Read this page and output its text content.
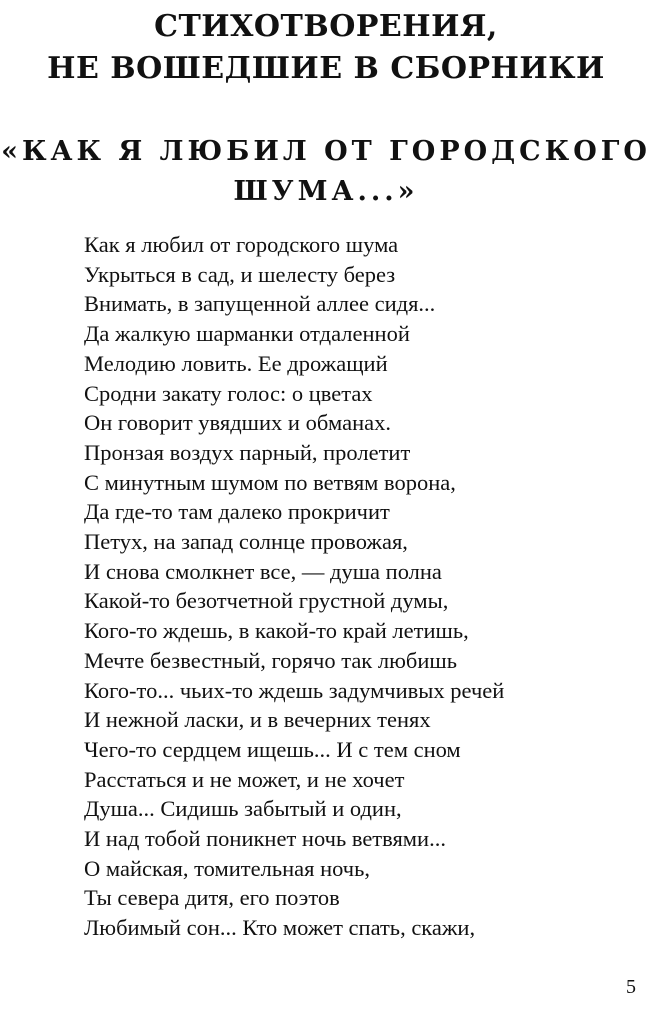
СТИХОТВОРЕНИЯ,
НЕ ВОШЕДШИЕ В СБОРНИКИ
«КАК Я ЛЮБИЛ ОТ ГОРОДСКОГО
ШУМА...»
Как я любил от городского шума
Укрыться в сад, и шелесту берез
Внимать, в запущенной аллее сидя...
Да жалкую шарманки отдаленной
Мелодию ловить. Ее дрожащий
Сродни закату голос: о цветах
Он говорит увядших и обманах.
Пронзая воздух парный, пролетит
С минутным шумом по ветвям ворона,
Да где-то там далеко прокричит
Петух, на запад солнце провожая,
И снова смолкнет все, — душа полна
Какой-то безотчетной грустной думы,
Кого-то ждешь, в какой-то край летишь,
Мечте безвестный, горячо так любишь
Кого-то... чьих-то ждешь задумчивых речей
И нежной ласки, и в вечерних тенях
Чего-то сердцем ищешь... И с тем сном
Расстаться и не может, и не хочет
Душа... Сидишь забытый и один,
И над тобой поникнет ночь ветвями...
О майская, томительная ночь,
Ты севера дитя, его поэтов
Любимый сон... Кто может спать, скажи,
5
